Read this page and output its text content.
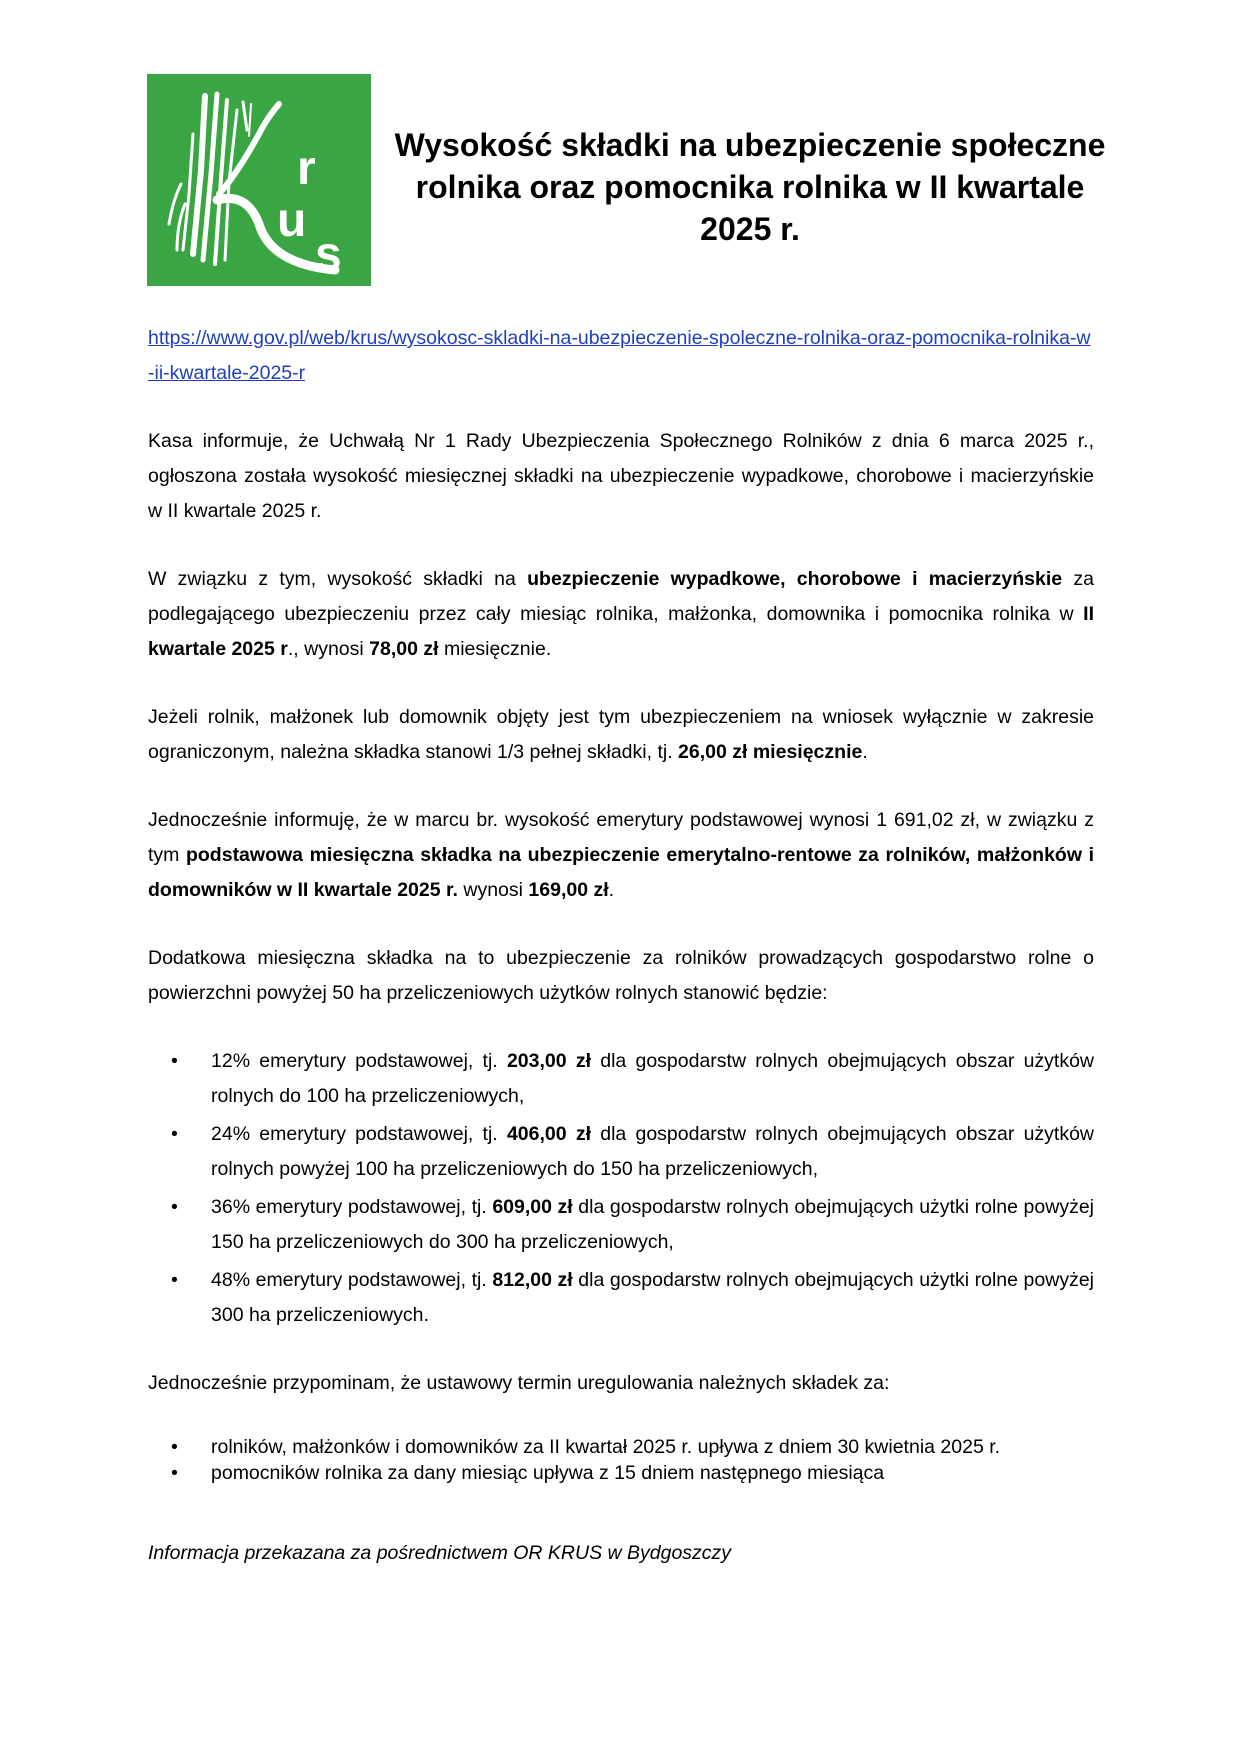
r
u
s
Wysokość składki na ubezpieczenie społeczne rolnika oraz pomocnika rolnika w II kwartale 2025 r.

https://www.gov.pl/web/krus/wysokosc-skladki-na-ubezpieczenie-spoleczne-rolnika-oraz-pomocnika-rolnika-w-ii-kwartale-2025-r

Kasa informuje, że Uchwałą Nr 1 Rady Ubezpieczenia Społecznego Rolników z dnia 6 marca 2025 r., ogłoszona została wysokość miesięcznej składki na ubezpieczenie wypadkowe, chorobowe i macierzyńskie w II kwartale 2025 r.

W związku z tym, wysokość składki na ubezpieczenie wypadkowe, chorobowe i macierzyńskie za podlegającego ubezpieczeniu przez cały miesiąc rolnika, małżonka, domownika i pomocnika rolnika w II kwartale 2025 r., wynosi 78,00 zł miesięcznie.

Jeżeli rolnik, małżonek lub domownik objęty jest tym ubezpieczeniem na wniosek wyłącznie w zakresie ograniczonym, należna składka stanowi 1/3 pełnej składki, tj. 26,00 zł miesięcznie.

Jednocześnie informuję, że w marcu br. wysokość emerytury podstawowej wynosi 1 691,02 zł, w związku z tym podstawowa miesięczna składka na ubezpieczenie emerytalno-rentowe za rolników, małżonków i domowników w II kwartale 2025 r. wynosi 169,00 zł.

Dodatkowa miesięczna składka na to ubezpieczenie za rolników prowadzących gospodarstwo rolne o powierzchni powyżej 50 ha przeliczeniowych użytków rolnych stanowić będzie:

• 12% emerytury podstawowej, tj. 203,00 zł dla gospodarstw rolnych obejmujących obszar użytków rolnych do 100 ha przeliczeniowych,
• 24% emerytury podstawowej, tj. 406,00 zł dla gospodarstw rolnych obejmujących obszar użytków rolnych powyżej 100 ha przeliczeniowych do 150 ha przeliczeniowych,
• 36% emerytury podstawowej, tj. 609,00 zł dla gospodarstw rolnych obejmujących użytki rolne powyżej 150 ha przeliczeniowych do 300 ha przeliczeniowych,
• 48% emerytury podstawowej, tj. 812,00 zł dla gospodarstw rolnych obejmujących użytki rolne powyżej 300 ha przeliczeniowych.

Jednocześnie przypominam, że ustawowy termin uregulowania należnych składek za:

• rolników, małżonków i domowników za II kwartał 2025 r. upływa z dniem 30 kwietnia 2025 r.
• pomocników rolnika za dany miesiąc upływa z 15 dniem następnego miesiąca

Informacja przekazana za pośrednictwem OR KRUS w Bydgoszczy
